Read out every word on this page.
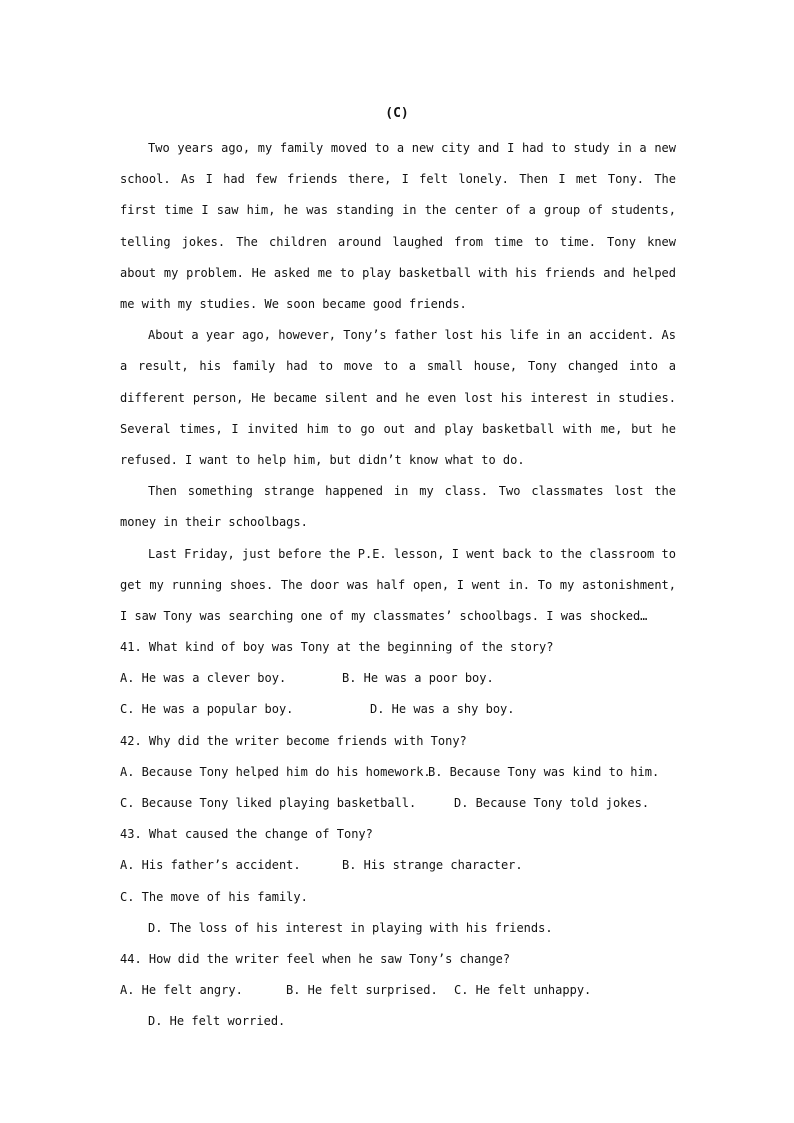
(C)

Two years ago, my family moved to a new city and I had to study in a new school. As I had few friends there, I felt lonely. Then I met Tony. The first time I saw him, he was standing in the center of a group of students, telling jokes. The children around laughed from time to time. Tony knew about my problem. He asked me to play basketball with his friends and helped me with my studies. We soon became good friends.

About a year ago, however, Tony’s father lost his life in an accident. As a result, his family had to move to a small house, Tony changed into a different person, He became silent and he even lost his interest in studies. Several times, I invited him to go out and play basketball with me, but he refused. I want to help him, but didn’t know what to do.

Then something strange happened in my class. Two classmates lost the money in their schoolbags.

Last Friday, just before the P.E. lesson, I went back to the classroom to get my running shoes. The door was half open, I went in. To my astonishment, I saw Tony was searching one of my classmates’ schoolbags. I was shocked…

41. What kind of boy was Tony at the beginning of the story?
A. He was a clever boy.	B. He was a poor boy.
C. He was a popular boy.	D. He was a shy boy.
42. Why did the writer become friends with Tony?
A. Because Tony helped him do his homework.B. Because Tony was kind to him.
C. Because Tony liked playing basketball.	D. Because Tony told jokes.
43. What caused the change of Tony?
A. His father’s accident.	B. His strange character.
C. The move of his family.
D. The loss of his interest in playing with his friends.
44. How did the writer feel when he saw Tony’s change?
A. He felt angry.	B. He felt surprised. C. He felt unhappy.
D. He felt worried.
